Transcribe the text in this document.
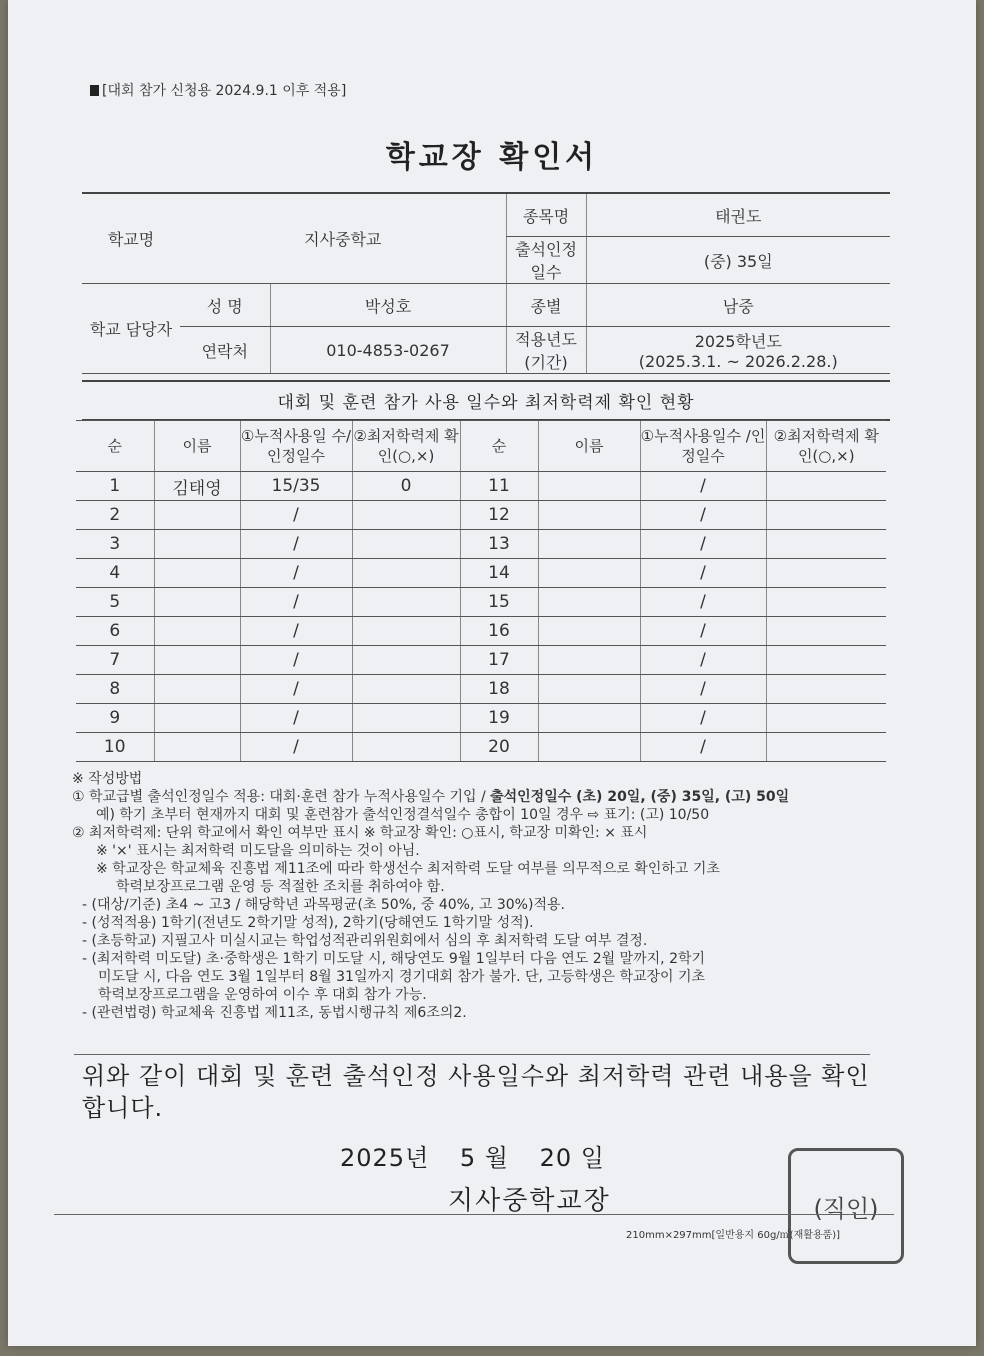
[대회 참가 신청용 2024.9.1 이후 적용]
학교장 확인서
학교명	지사중학교		종목명	태권도
			출석인정 일수	(중) 35일
학교 담당자	성 명	박성호	종별	남중
	연락처	010-4853-0267	적용년도 (기간)	2025학년도
(2025.3.1. ~ 2026.2.28.)
대회 및 훈련 참가 사용 일수와 최저학력제 확인 현황
순	이름	①누적사용일 수/인정일수	②최저학력제 확인(○,×)	순	이름	①누적사용일수 /인정일수	②최저학력제 확인(○,×)
1	김태영	15/35	0	11		/	
2		/		12		/	
3		/		13		/	
4		/		14		/	
5		/		15		/	
6		/		16		/	
7		/		17		/	
8		/		18		/	
9		/		19		/	
10		/		20		/	

※ 작성방법

① 학교급별 출석인정일수 적용: 대회·훈련 참가 누적사용일수 기입 / 출석인정일수 (초) 20일, (중) 35일, (고) 50일

예) 학기 초부터 현재까지 대회 및 훈련참가 출석인정결석일수 총합이 10일 경우 ⇨ 표기: (고) 10/50

② 최저학력제: 단위 학교에서 확인 여부만 표시 ※ 학교장 확인: ○표시, 학교장 미확인: × 표시

※ '×' 표시는 최저학력 미도달을 의미하는 것이 아님.

※ 학교장은 학교체육 진흥법 제11조에 따라 학생선수 최저학력 도달 여부를 의무적으로 확인하고 기초

학력보장프로그램 운영 등 적절한 조치를 취하여야 함.

- (대상/기준) 초4 ~ 고3 / 해당학년 과목평균(초 50%, 중 40%, 고 30%)적용.

- (성적적용) 1학기(전년도 2학기말 성적), 2학기(당해연도 1학기말 성적).

- (초등학교) 지필고사 미실시교는 학업성적관리위원회에서 심의 후 최저학력 도달 여부 결정.

- (최저학력 미도달) 초·중학생은 1학기 미도달 시, 해당연도 9월 1일부터 다음 연도 2월 말까지, 2학기

미도달 시, 다음 연도 3월 1일부터 8월 31일까지 경기대회 참가 불가. 단, 고등학생은 학교장이 기초

학력보장프로그램을 운영하여 이수 후 대회 참가 가능.

- (관련법령) 학교체육 진흥법 제11조, 동법시행규칙 제6조의2.

위와 같이 대회 및 훈련 출석인정 사용일수와 최저학력 관련 내용을 확인합니다.
2025년 5 월 20 일
지사중학교장	(직인)
210mm×297mm[일반용지 60g/㎡(재활용품)]
